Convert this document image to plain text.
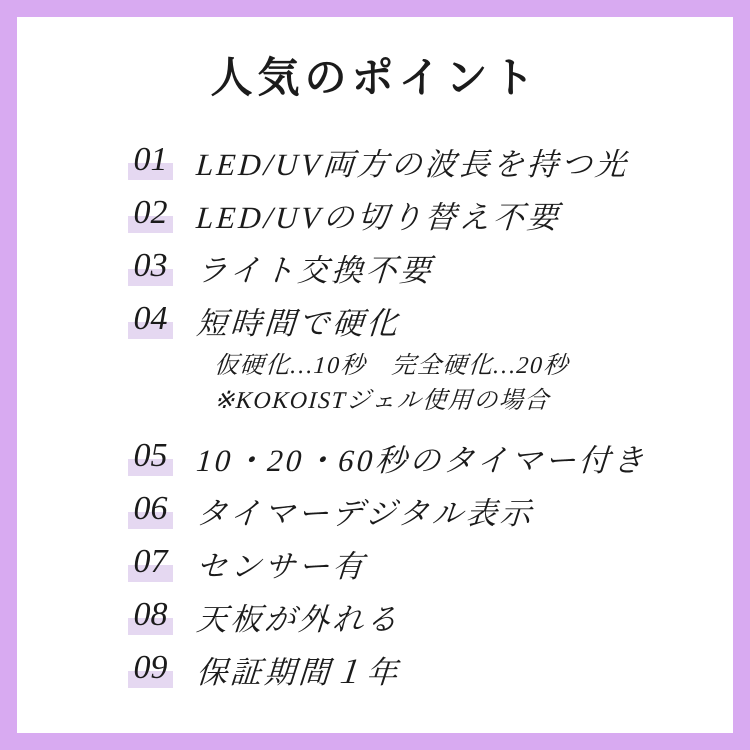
人気のポイント
01 LED/UV両方の波長を持つ光
02 LED/UVの切り替え不要
03 ライト交換不要
04 短時間で硬化
仮硬化…10秒　完全硬化…20秒
※KOKOISTジェル使用の場合
05 10・20・60秒のタイマー付き
06 タイマーデジタル表示
07 センサー有
08 天板が外れる
09 保証期間１年
